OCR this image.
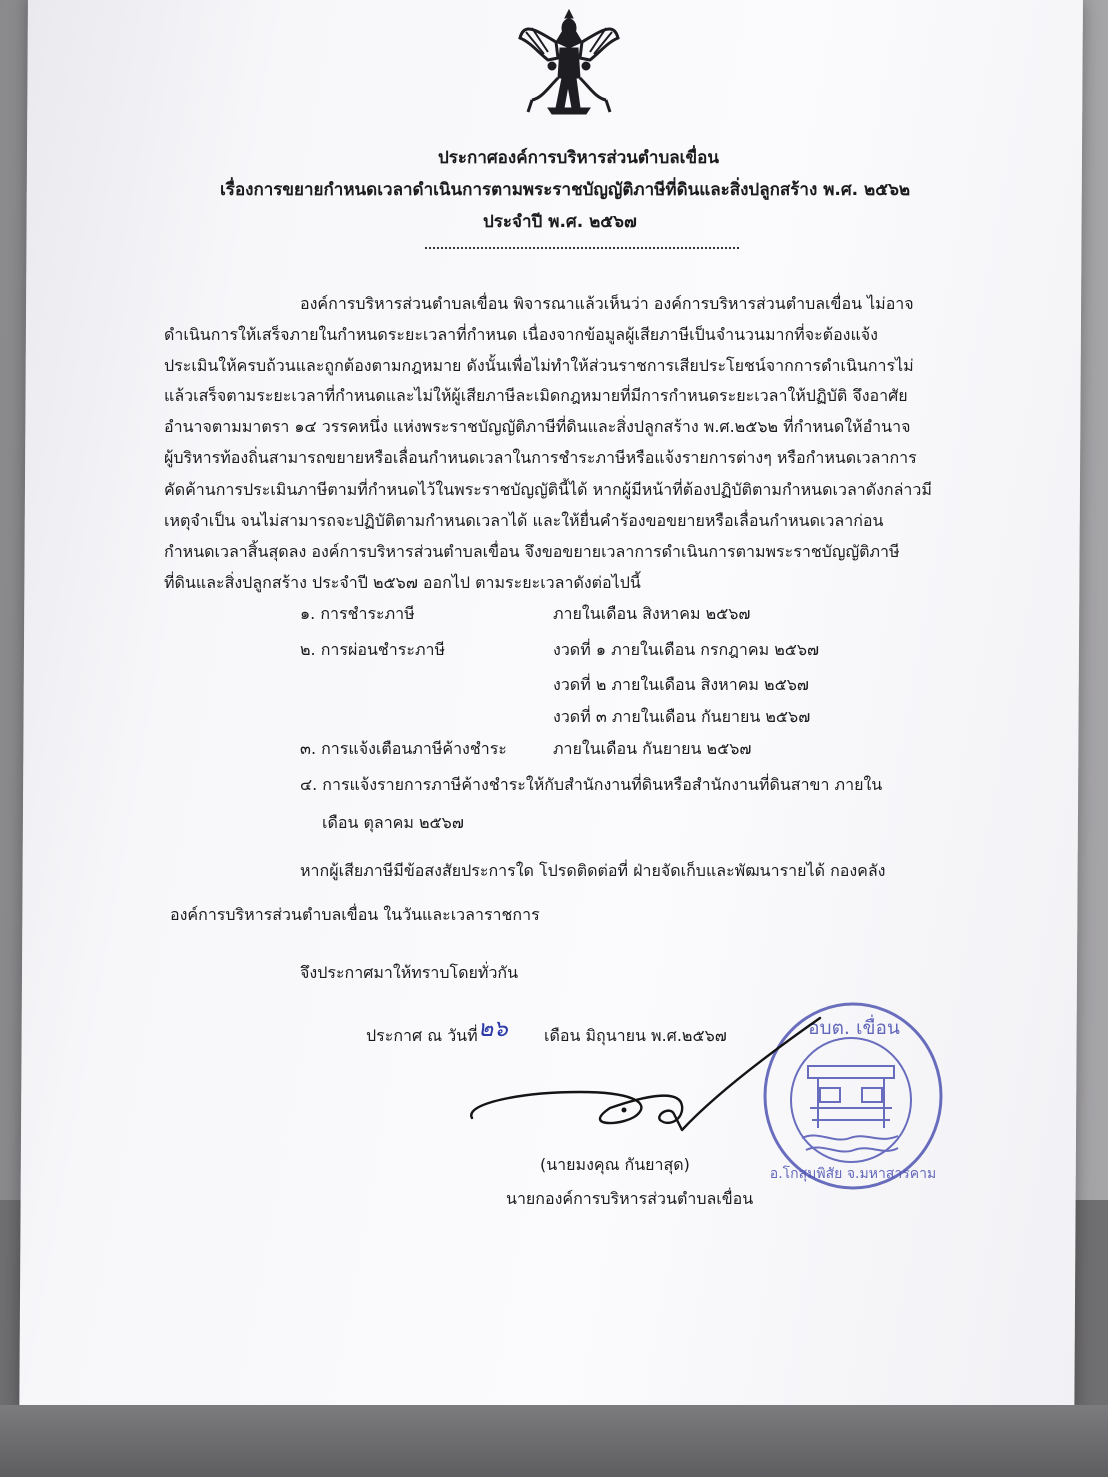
ประกาศองค์การบริหารส่วนตำบลเขื่อน
เรื่องการขยายกำหนดเวลาดำเนินการตามพระราชบัญญัติภาษีที่ดินและสิ่งปลูกสร้าง พ.ศ. ๒๕๖๒
ประจำปี พ.ศ. ๒๕๖๗
องค์การบริหารส่วนตำบลเขื่อน พิจารณาแล้วเห็นว่า องค์การบริหารส่วนตำบลเขื่อน ไม่อาจ
ดำเนินการให้เสร็จภายในกำหนดระยะเวลาที่กำหนด เนื่องจากข้อมูลผู้เสียภาษีเป็นจำนวนมากที่จะต้องแจ้ง
ประเมินให้ครบถ้วนและถูกต้องตามกฎหมาย ดังนั้นเพื่อไม่ทำให้ส่วนราชการเสียประโยชน์จากการดำเนินการไม่
แล้วเสร็จตามระยะเวลาที่กำหนดและไม่ให้ผู้เสียภาษีละเมิดกฎหมายที่มีการกำหนดระยะเวลาให้ปฏิบัติ จึงอาศัย
อำนาจตามมาตรา ๑๔ วรรคหนึ่ง แห่งพระราชบัญญัติภาษีที่ดินและสิ่งปลูกสร้าง พ.ศ.๒๕๖๒ ที่กำหนดให้อำนาจ
ผู้บริหารท้องถิ่นสามารถขยายหรือเลื่อนกำหนดเวลาในการชำระภาษีหรือแจ้งรายการต่างๆ หรือกำหนดเวลาการ
คัดค้านการประเมินภาษีตามที่กำหนดไว้ในพระราชบัญญัตินี้ได้ หากผู้มีหน้าที่ต้องปฏิบัติตามกำหนดเวลาดังกล่าวมี
เหตุจำเป็น จนไม่สามารถจะปฏิบัติตามกำหนดเวลาได้ และให้ยื่นคำร้องขอขยายหรือเลื่อนกำหนดเวลาก่อน
กำหนดเวลาสิ้นสุดลง องค์การบริหารส่วนตำบลเขื่อน จึงขอขยายเวลาการดำเนินการตามพระราชบัญญัติภาษี
ที่ดินและสิ่งปลูกสร้าง ประจำปี ๒๕๖๗ ออกไป ตามระยะเวลาดังต่อไปนี้
๑. การชำระภาษี	ภายในเดือน สิงหาคม ๒๕๖๗
๒. การผ่อนชำระภาษี	งวดที่ ๑ ภายในเดือน กรกฎาคม ๒๕๖๗
งวดที่ ๒ ภายในเดือน สิงหาคม ๒๕๖๗
งวดที่ ๓ ภายในเดือน กันยายน ๒๕๖๗
๓. การแจ้งเตือนภาษีค้างชำระ	ภายในเดือน กันยายน ๒๕๖๗
๔. การแจ้งรายการภาษีค้างชำระให้กับสำนักงานที่ดินหรือสำนักงานที่ดินสาขา ภายใน
เดือน ตุลาคม ๒๕๖๗
หากผู้เสียภาษีมีข้อสงสัยประการใด โปรดติดต่อที่ ฝ่ายจัดเก็บและพัฒนารายได้ กองคลัง
องค์การบริหารส่วนตำบลเขื่อน ในวันและเวลาราชการ
จึงประกาศมาให้ทราบโดยทั่วกัน
ประกาศ ณ วันที่ ๒๖ เดือน มิถุนายน พ.ศ.๒๕๖๗	อบต. เขื่อน
อ.โกสุมพิสัย จ.มหาสารคาม
(นายมงคุณ กันยาสุด)
นายกองค์การบริหารส่วนตำบลเขื่อน
